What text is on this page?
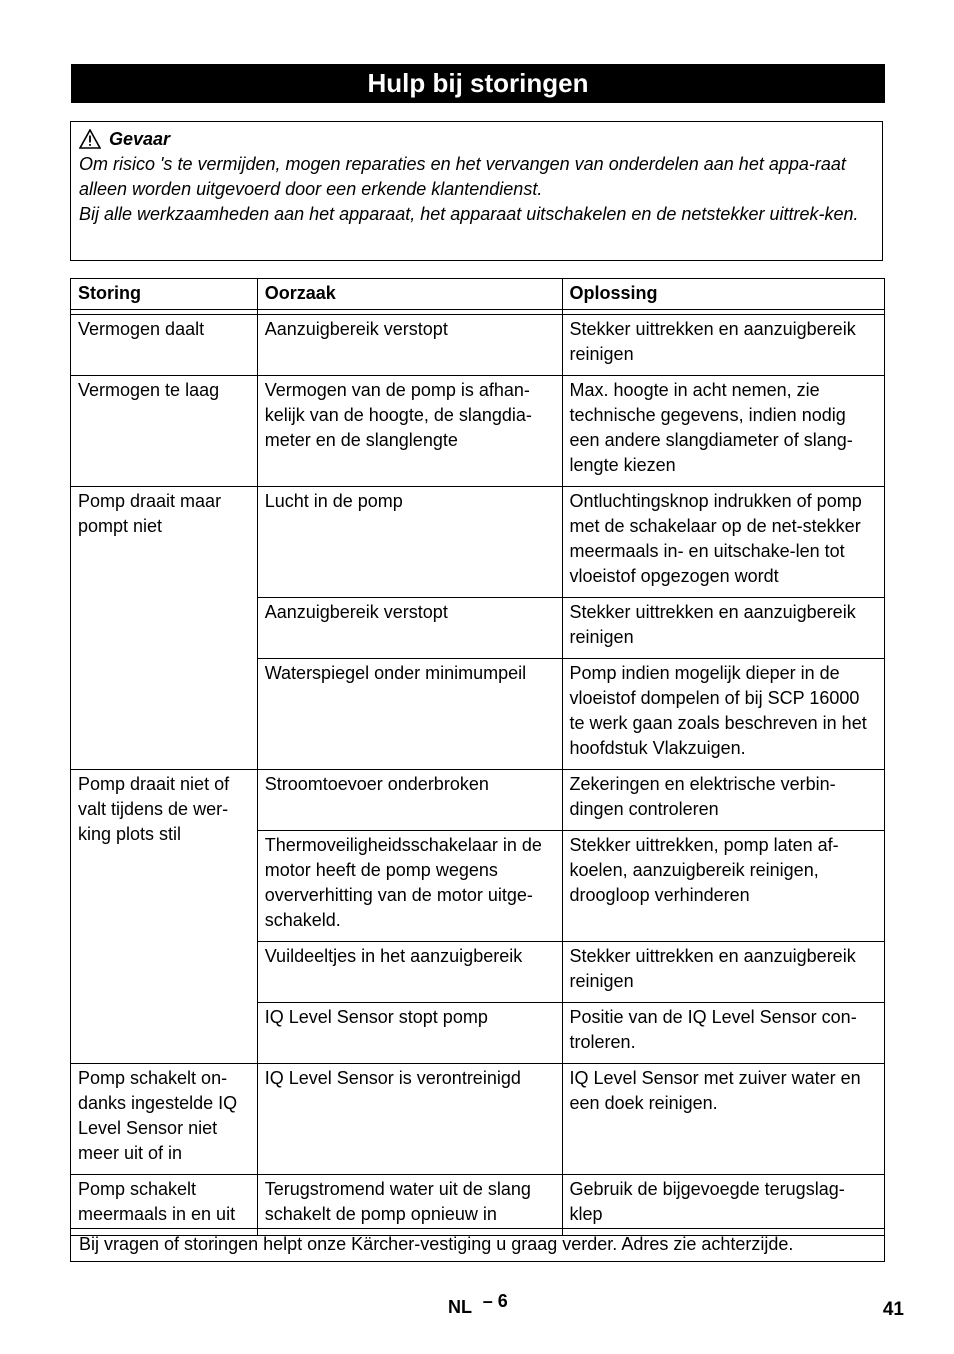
Hulp bij storingen
Gevaar

Om risico 's te vermijden, mogen reparaties en het vervangen van onderdelen aan het appa-raat alleen worden uitgevoerd door een erkende klantendienst.

Bij alle werkzaamheden aan het apparaat, het apparaat uitschakelen en de netstekker uittrek-ken.

Storing	Oorzaak	Oplossing

Vermogen daalt	Aanzuigbereik verstopt	Stekker uittrekken en aanzuigbereik reinigen
Vermogen te laag	Vermogen van de pomp is afhan-kelijk van de hoogte, de slangdia-meter en de slanglengte	Max. hoogte in acht nemen, zie technische gegevens, indien nodig een andere slangdiameter of slang-lengte kiezen
Pomp draait maar pompt niet	Lucht in de pomp	Ontluchtingsknop indrukken of pomp met de schakelaar op de net-stekker meermaals in- en uitschake-len tot vloeistof opgezogen wordt
	Aanzuigbereik verstopt	Stekker uittrekken en aanzuigbereik reinigen
	Waterspiegel onder minimumpeil	Pomp indien mogelijk dieper in de vloeistof dompelen of bij SCP 16000 te werk gaan zoals beschreven in het hoofdstuk Vlakzuigen.
Pomp draait niet of valt tijdens de wer-king plots stil	Stroomtoevoer onderbroken	Zekeringen en elektrische verbin-dingen controleren
	Thermoveiligheidsschakelaar in de motor heeft de pomp wegens oververhitting van de motor uitge-schakeld.	Stekker uittrekken, pomp laten af-koelen, aanzuigbereik reinigen, droogloop verhinderen
	Vuildeeltjes in het aanzuigbereik	Stekker uittrekken en aanzuigbereik reinigen
	IQ Level Sensor stopt pomp	Positie van de IQ Level Sensor con-troleren.
Pomp schakelt on-danks ingestelde IQ Level Sensor niet meer uit of in	IQ Level Sensor is verontreinigd	IQ Level Sensor met zuiver water en een doek reinigen.
Pomp schakelt meermaals in en uit	Terugstromend water uit de slang schakelt de pomp opnieuw in	Gebruik de bijgevoegde terugslag-klep
Bij vragen of storingen helpt onze Kärcher-vestiging u graag verder. Adres zie achterzijde.
NL – 6	41
